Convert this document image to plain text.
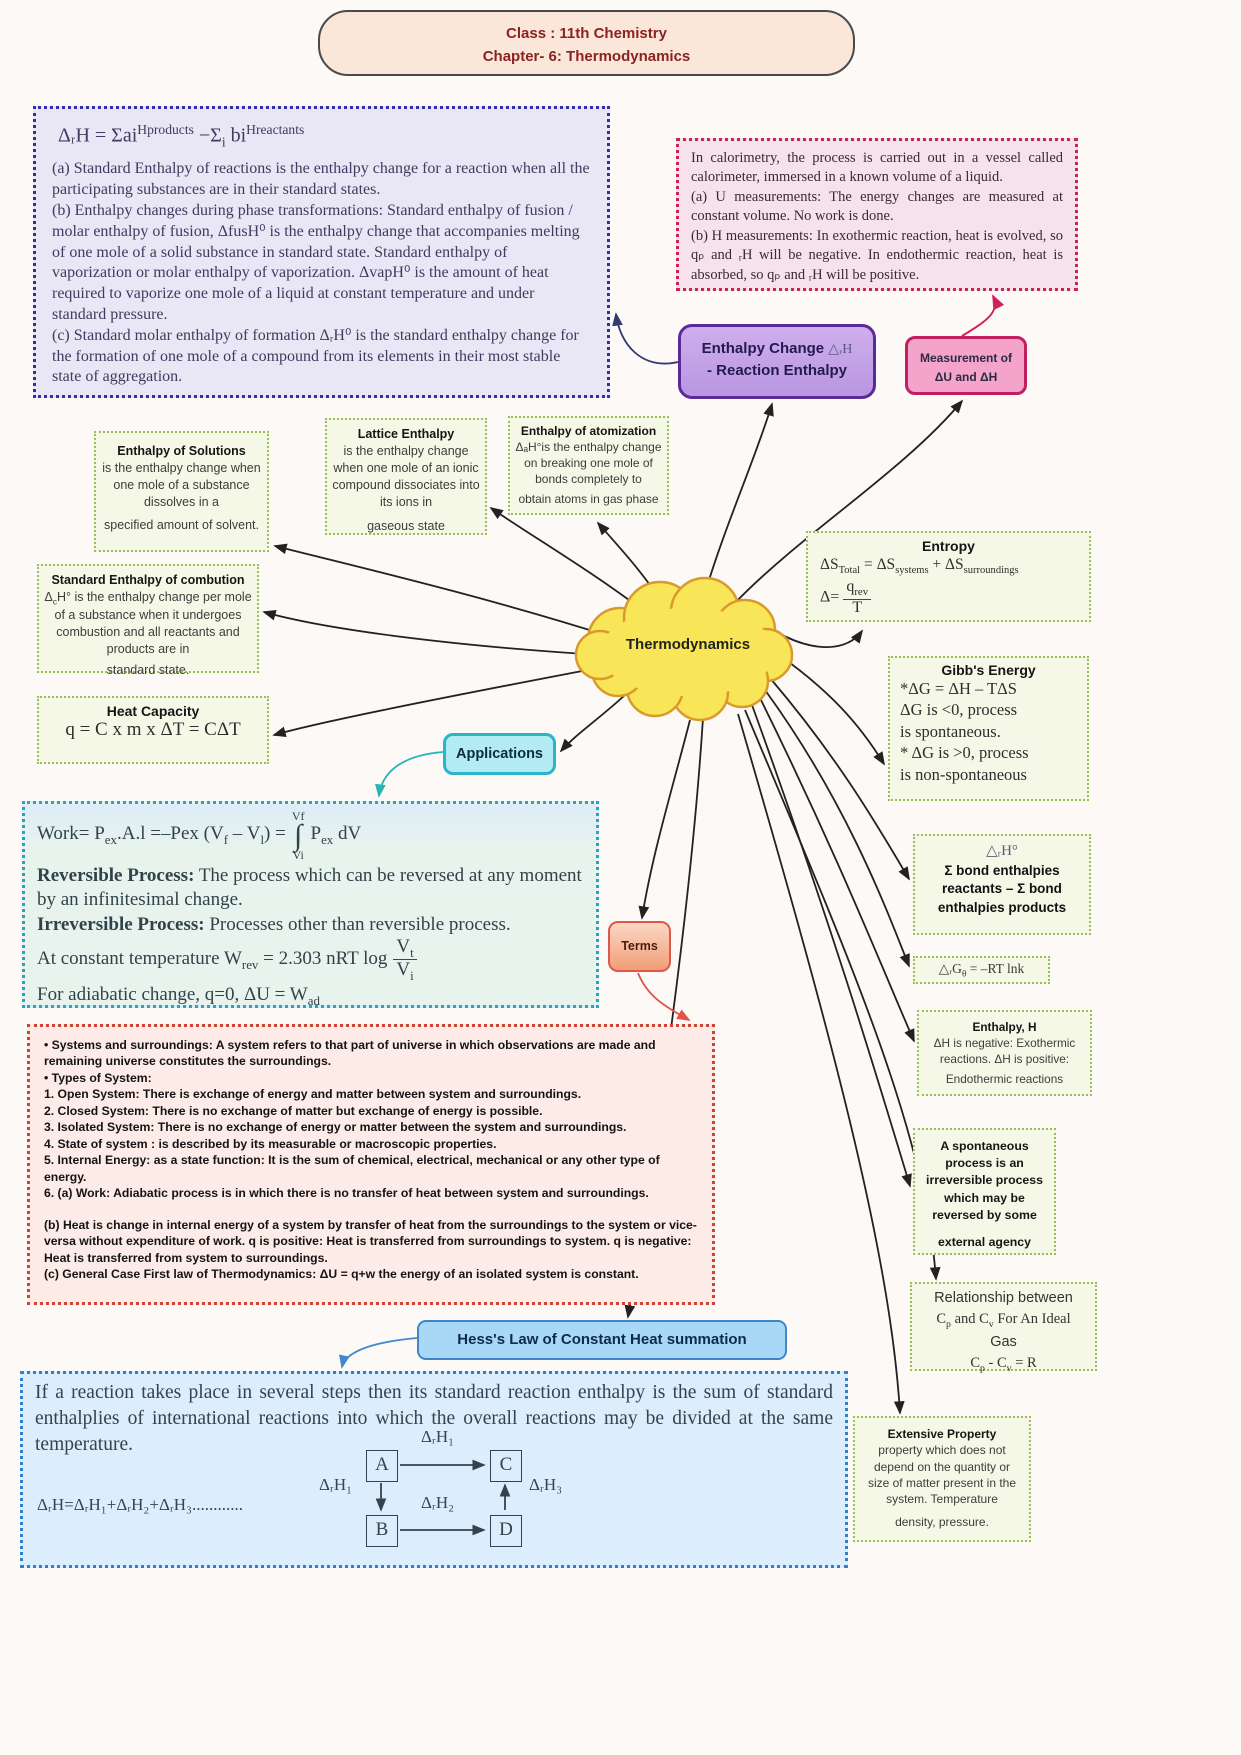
Thermodynamics
Class : 11th Chemistry
Chapter- 6: Thermodynamics
ΔᵣH = $\Sigma ai^{Hproducts} -\Sigma_i$ $bi^{Hreactants}$
(a) Standard Enthalpy of reactions is the enthalpy change for a reaction when all the participating substances are in their standard states.
(b) Enthalpy changes during phase transformations: Standard enthalpy of fusion / molar enthalpy of fusion, ΔfusH⁰ is the enthalpy change that accompanies melting of one mole of a solid substance in standard state. Standard enthalpy of vaporization or molar enthalpy of vaporization. ΔvapH⁰ is the amount of heat required to vaporize one mole of a liquid at constant temperature and under standard pressure.
(c) Standard molar enthalpy of formation ΔᵣH⁰ is the standard enthalpy change for the formation of one mole of a compound from its elements in their most stable state of aggregation.
In calorimetry, the process is carried out in a vessel called calorimeter, immersed in a known volume of a liquid.
(a) U measurements: The energy changes are measured at constant volume. No work is done.
(b) H measurements: In exothermic reaction, heat is evolved, so qₚ and ᵣH will be negative. In endothermic reaction, heat is absorbed, so qₚ and ᵣH will be positive.
Enthalpy Change △ᵣH
- Reaction Enthalpy
Measurement of
ΔU and ΔH
Enthalpy of Solutions
is the enthalpy change when one mole of a substance dissolves in a
specified amount of solvent.
Lattice Enthalpy
is the enthalpy change when one mole of an ionic compound dissociates into its ions in
gaseous state
Enthalpy of atomization
ΔₐH°is the enthalpy change on breaking one mole of bonds completely to
obtain atoms in gas phase
Standard Enthalpy of combution
$\Delta_cH^\circ$ is the enthalpy change per mole of a substance when it undergoes combustion and all reactants and products are in
standard state.
Entropy
$\Delta S_{Total} = \Delta S_{systems} + \Delta S_{surroundings}$
$\Delta= \frac{q_{rev}}{T}$
Gibb's Energy
*ΔG = ΔH – TΔS
ΔG is <0, process
is spontaneous.
* ΔG is >0, process
is non-spontaneous
Heat Capacity
q = C x m x ΔT = CΔT
Applications
Work= $P_{ex}.A.l =-Pex$ $(V_f - V_l)$ =
Vf
∫
Vi
$P_{ex}$ dV
Reversible Process: The process which can be reversed at any moment by an infinitesimal change.
Irreversible Process: Processes other than reversible process.
At constant temperature $W_{rev} = 2.303$ nRT $\log \frac{V_t}{V_i}$
For adiabatic change, q=0, $\Delta U = W_{ad}$
Terms
△ᵣH°
Σ bond enthalpies
reactants – Σ bond
enthalpies products
△ᵣG$_\theta$ = –RT lnk
Enthalpy, H
ΔH is negative: Exothermic reactions. ΔH is positive:
Endothermic reactions
• Systems and surroundings: A system refers to that part of universe in which observations are made and remaining universe constitutes the surroundings.
• Types of System:
1. Open System: There is exchange of energy and matter between system and surroundings.
2. Closed System: There is no exchange of matter but exchange of energy is possible.
3. Isolated System: There is no exchange of energy or matter between the system and surroundings.
4. State of system : is described by its measurable or macroscopic properties.
5. Internal Energy: as a state function: It is the sum of chemical, electrical, mechanical or any other type of energy.
6. (a) Work: Adiabatic process is in which there is no transfer of heat between system and surroundings.
(b) Heat is change in internal energy of a system by transfer of heat from the surroundings to the system or vice- versa without expenditure of work. q is positive: Heat is transferred from surroundings to system. q is negative: Heat is transferred from system to surroundings.
(c) General Case First law of Thermodynamics: ΔU = q+w the energy of an isolated system is constant.
A spontaneous process is an irreversible process which may be reversed by some
external agency
Relationship between
$C_p$ and $C_v$ For An Ideal
Gas
$C_p - C_v = R$
Hess's Law of Constant Heat summation
If a reaction takes place in several steps then its standard reaction enthalpy is the sum of standard enthalplies of international reactions into which the overall reactions may be divided at the same temperature.
ΔᵣH=ΔᵣH₁+ΔᵣH₂+ΔᵣH₃............
A	C
B	D
ΔᵣH₁
ΔᵣH₁
ΔᵣH₂
ΔᵣH₃
Extensive Property
property which does not depend on the quantity or size of matter present in the system. Temperature
density, pressure.
